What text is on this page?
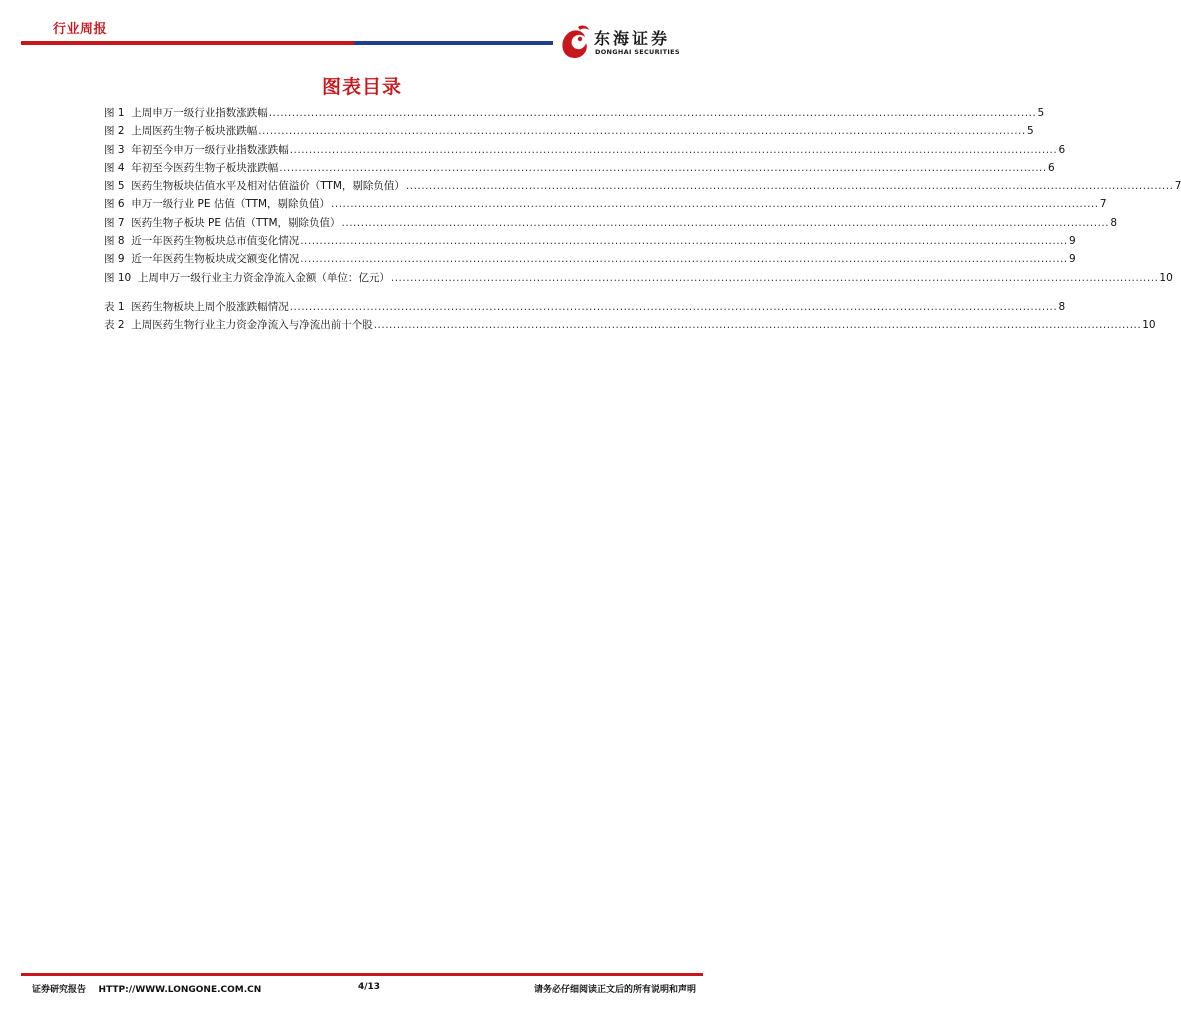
行业周报	东海证券
DONGHAI SECURITIES
图表目录
图 1  上周申万一级行业指数涨跌幅 ........................................................................................................................................................................................................ 5
图 2  上周医药生物子板块涨跌幅 ........................................................................................................................................................................................................ 5
图 3  年初至今申万一级行业指数涨跌幅 ........................................................................................................................................................................................................ 6
图 4  年初至今医药生物子板块涨跌幅 ........................................................................................................................................................................................................ 6
图 5  医药生物板块估值水平及相对估值溢价（TTM，剔除负值） ........................................................................................................................................................................................................ 7
图 6  申万一级行业 PE 估值（TTM，剔除负值） ........................................................................................................................................................................................................ 7
图 7  医药生物子板块 PE 估值（TTM，剔除负值） ........................................................................................................................................................................................................ 8
图 8  近一年医药生物板块总市值变化情况 ........................................................................................................................................................................................................ 9
图 9  近一年医药生物板块成交额变化情况 ........................................................................................................................................................................................................ 9
图 10  上周申万一级行业主力资金净流入金额（单位：亿元） ........................................................................................................................................................................................................ 10
表 1  医药生物板块上周个股涨跌幅情况 ........................................................................................................................................................................................................ 8
表 2  上周医药生物行业主力资金净流入与净流出前十个股 ........................................................................................................................................................................................................ 10
证券研究报告    HTTP://WWW.LONGONE.COM.CN	4/13	请务必仔细阅读正文后的所有说明和声明
